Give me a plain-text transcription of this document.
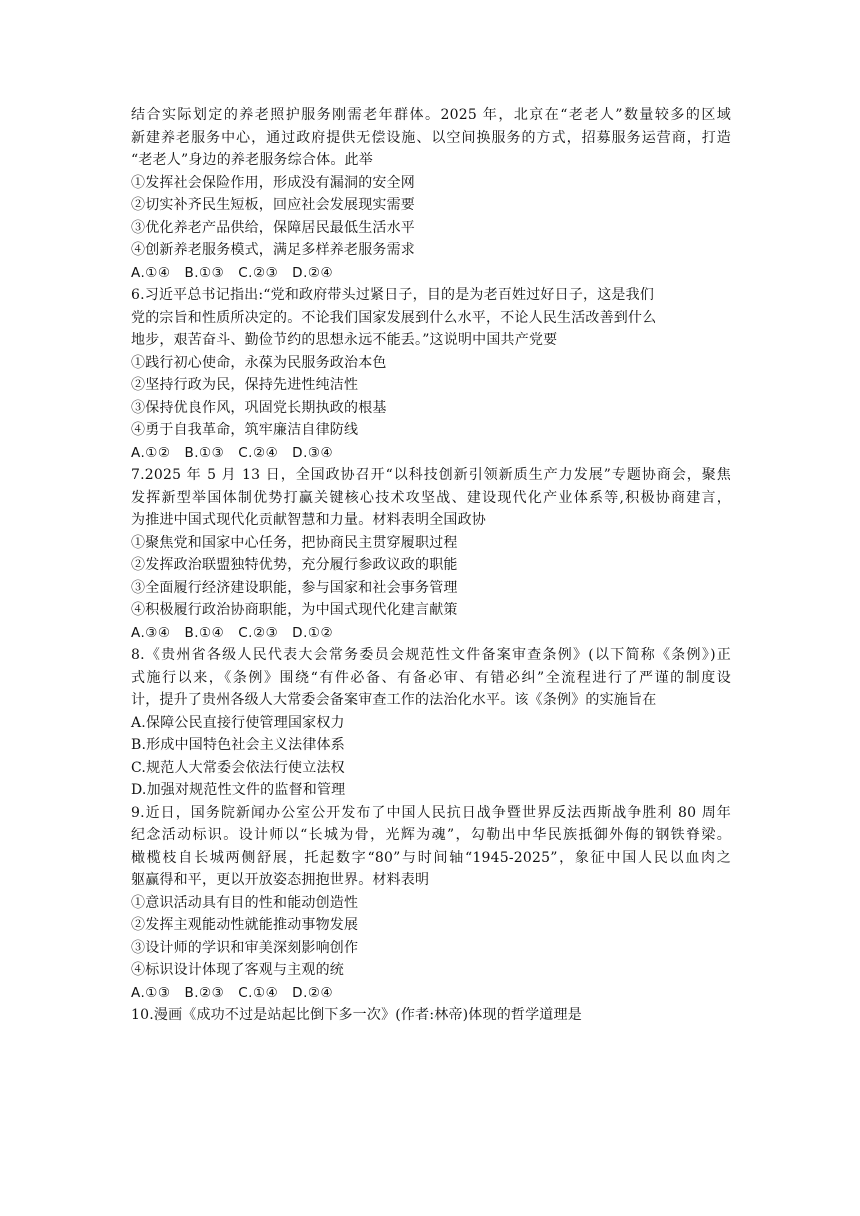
结合实际划定的养老照护服务刚需老年群体。2025 年，北京在“老老人”数量较多的区域
新建养老服务中心，通过政府提供无偿设施、以空间换服务的方式，招募服务运营商，打造
“老老人”身边的养老服务综合体。此举
①发挥社会保险作用，形成没有漏洞的安全网
②切实补齐民生短板，回应社会发展现实需要
③优化养老产品供给，保障居民最低生活水平
④创新养老服务模式，满足多样养老服务需求
A.①④　B.①③　C.②③　D.②④
6.习近平总书记指出:“党和政府带头过紧日子，目的是为老百姓过好日子，这是我们
党的宗旨和性质所决定的。不论我们国家发展到什么水平，不论人民生活改善到什么
地步，艰苦奋斗、勤俭节约的思想永远不能丢。”这说明中国共产党要
①践行初心使命，永葆为民服务政治本色
②坚持行政为民，保持先进性纯洁性
③保持优良作风，巩固党长期执政的根基
④勇于自我革命，筑牢廉洁自律防线
A.①②　B.①③　C.②④　D.③④
7.2025 年 5 月 13 日，全国政协召开“以科技创新引领新质生产力发展”专题协商会，聚焦
发挥新型举国体制优势打赢关键核心技术攻坚战、建设现代化产业体系等,积极协商建言，
为推进中国式现代化贡献智慧和力量。材料表明全国政协
①聚焦党和国家中心任务，把协商民主贯穿履职过程
②发挥政治联盟独特优势，充分履行参政议政的职能
③全面履行经济建设职能，参与国家和社会事务管理
④积极履行政治协商职能，为中国式现代化建言献策
A.③④　B.①④　C.②③　D.①②
8.《贵州省各级人民代表大会常务委员会规范性文件备案审查条例》(以下简称《条例》)正
式施行以来，《条例》围绕“有件必备、有备必审、有错必纠”全流程进行了严谨的制度设
计，提升了贵州各级人大常委会备案审查工作的法治化水平。该《条例》的实施旨在
A.保障公民直接行使管理国家权力
B.形成中国特色社会主义法律体系
C.规范人大常委会依法行使立法权
D.加强对规范性文件的监督和管理
9.近日，国务院新闻办公室公开发布了中国人民抗日战争暨世界反法西斯战争胜利 80 周年
纪念活动标识。设计师以“长城为骨，光辉为魂”，勾勒出中华民族抵御外侮的钢铁脊梁。
橄榄枝自长城两侧舒展，托起数字“80”与时间轴“1945-2025”，象征中国人民以血肉之
躯赢得和平，更以开放姿态拥抱世界。材料表明
①意识活动具有目的性和能动创造性
②发挥主观能动性就能推动事物发展
③设计师的学识和审美深刻影响创作
④标识设计体现了客观与主观的统
A.①③　B.②③　C.①④　D.②④
10.漫画《成功不过是站起比倒下多一次》(作者:林帝)体现的哲学道理是
